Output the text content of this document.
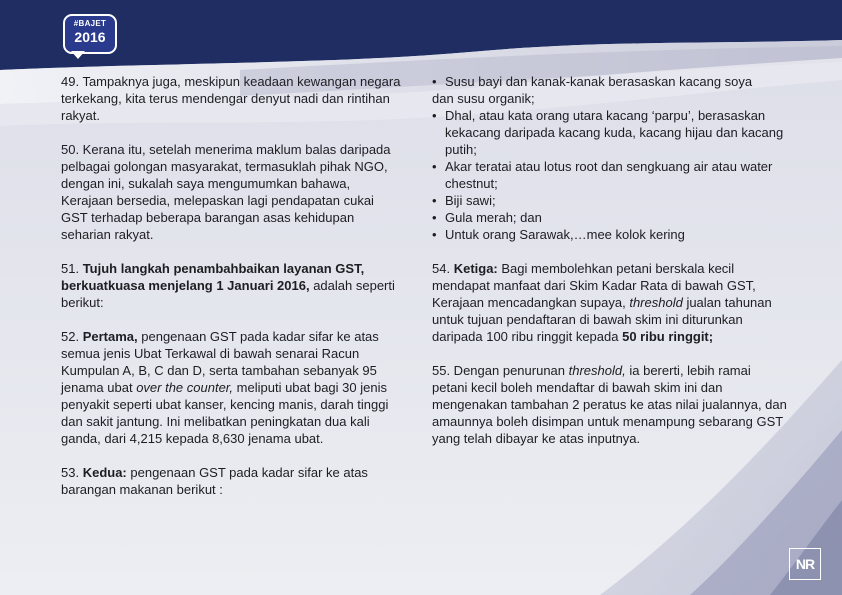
#BAJET
2016

49. Tampaknya juga, meskipun keadaan kewangan negara terkekang, kita terus mendengar denyut nadi dan rintihan rakyat.

50. Kerana itu, setelah menerima maklum balas daripada pelbagai golongan masyarakat, termasuklah pihak NGO, dengan ini, sukalah saya mengumumkan bahawa, Kerajaan bersedia, melepaskan lagi pendapatan cukai GST terhadap beberapa barangan asas kehidupan seharian rakyat.

51. Tujuh langkah penambahbaikan layanan GST, berkuatkuasa menjelang 1 Januari 2016, adalah seperti berikut:

52. Pertama, pengenaan GST pada kadar sifar ke atas semua jenis Ubat Terkawal di bawah senarai Racun Kumpulan A, B, C dan D, serta tambahan sebanyak 95 jenama ubat over the counter, meliputi ubat bagi 30 jenis penyakit seperti ubat kanser, kencing manis, darah tinggi dan sakit jantung. Ini melibatkan peningkatan dua kali ganda, dari 4,215 kepada 8,630 jenama ubat.

53. Kedua: pengenaan GST pada kadar sifar ke atas barangan makanan berikut :

• Susu bayi dan kanak-kanak berasaskan kacang soya
dan susu organik;
• Dhal, atau kata orang utara kacang ‘parpu’, berasaskan kekacang daripada kacang kuda, kacang hijau dan kacang putih;
• Akar teratai atau lotus root dan sengkuang air atau water chestnut;
• Biji sawi;
• Gula merah; dan
• Untuk orang Sarawak,…mee kolok kering

54. Ketiga: Bagi membolehkan petani berskala kecil mendapat manfaat dari Skim Kadar Rata di bawah GST, Kerajaan mencadangkan supaya, threshold jualan tahunan untuk tujuan pendaftaran di bawah skim ini diturunkan daripada 100 ribu ringgit kepada 50 ribu ringgit;

55. Dengan penurunan threshold, ia bererti, lebih ramai petani kecil boleh mendaftar di bawah skim ini dan mengenakan tambahan 2 peratus ke atas nilai jualannya, dan amaunnya boleh disimpan untuk menampung sebarang GST yang telah dibayar ke atas inputnya.

NR
